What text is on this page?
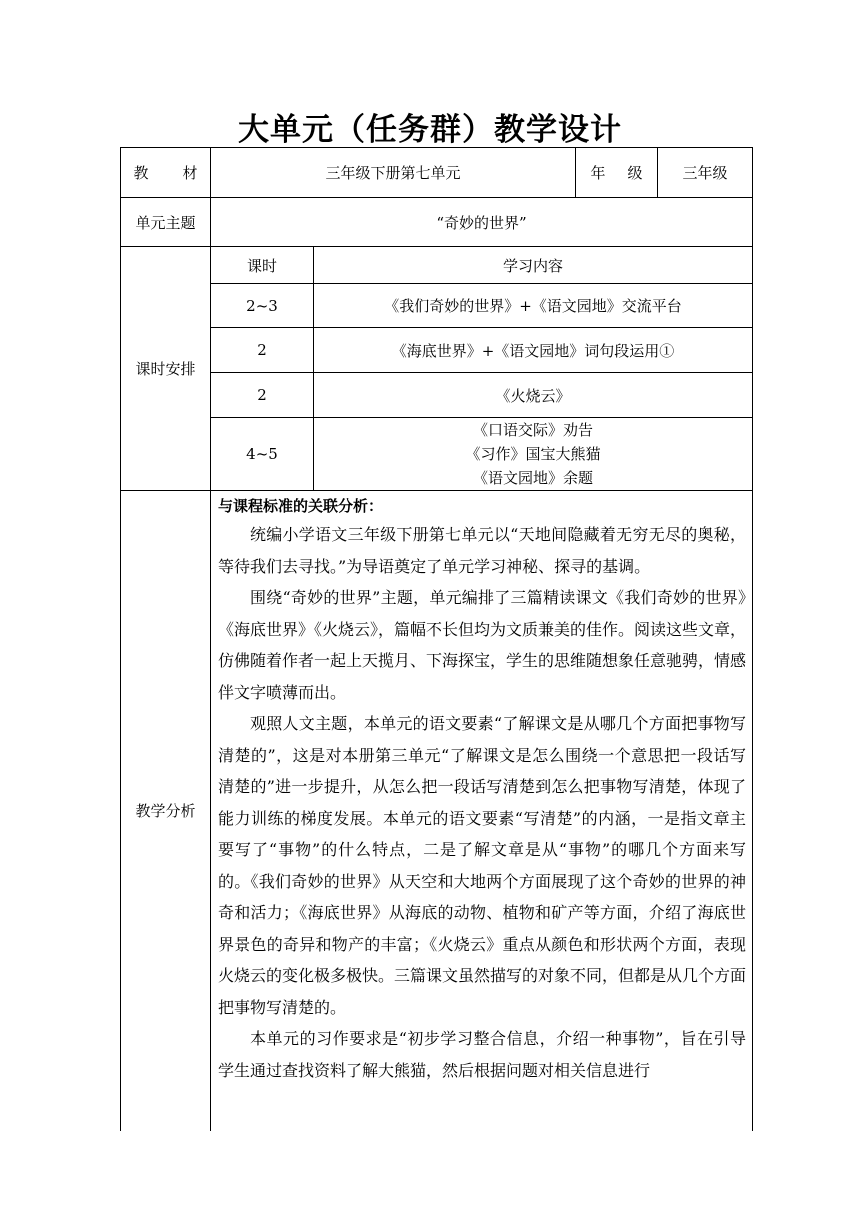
大单元（任务群）教学设计
教 材	三年级下册第七单元		年 级	三年级
单元主题	“奇妙的世界”			
课时安排	课时	学习内容		
	2~3	《我们奇妙的世界》+《语文园地》交流平台		
	2	《海底世界》+《语文园地》词句段运用①		
	2	《火烧云》		
	4~5	《口语交际》劝告
《习作》国宝大熊猫
《语文园地》余题		

教学分析	与课程标准的关联分析：

统编小学语文三年级下册第七单元以“天地间隐藏着无穷无尽的奥秘，等待我们去寻找。”为导语奠定了单元学习神秘、探寻的基调。

围绕“奇妙的世界”主题，单元编排了三篇精读课文《我们奇妙的世界》《海底世界》《火烧云》，篇幅不长但均为文质兼美的佳作。阅读这些文章，仿佛随着作者一起上天揽月、下海探宝，学生的思维随想象任意驰骋，情感伴文字喷薄而出。

观照人文主题，本单元的语文要素“了解课文是从哪几个方面把事物写清楚的”，这是对本册第三单元“了解课文是怎么围绕一个意思把一段话写清楚的”进一步提升，从怎么把一段话写清楚到怎么把事物写清楚，体现了能力训练的梯度发展。本单元的语文要素“写清楚”的内涵，一是指文章主要写了“事物”的什么特点，二是了解文章是从“事物”的哪几个方面来写的。《我们奇妙的世界》从天空和大地两个方面展现了这个奇妙的世界的神奇和活力；《海底世界》从海底的动物、植物和矿产等方面，介绍了海底世界景色的奇异和物产的丰富；《火烧云》重点从颜色和形状两个方面，表现火烧云的变化极多极快。三篇课文虽然描写的对象不同，但都是从几个方面把事物写清楚的。

本单元的习作要求是“初步学习整合信息，介绍一种事物”，旨在引导学生通过查找资料了解大熊猫，然后根据问题对相关信息进行			
